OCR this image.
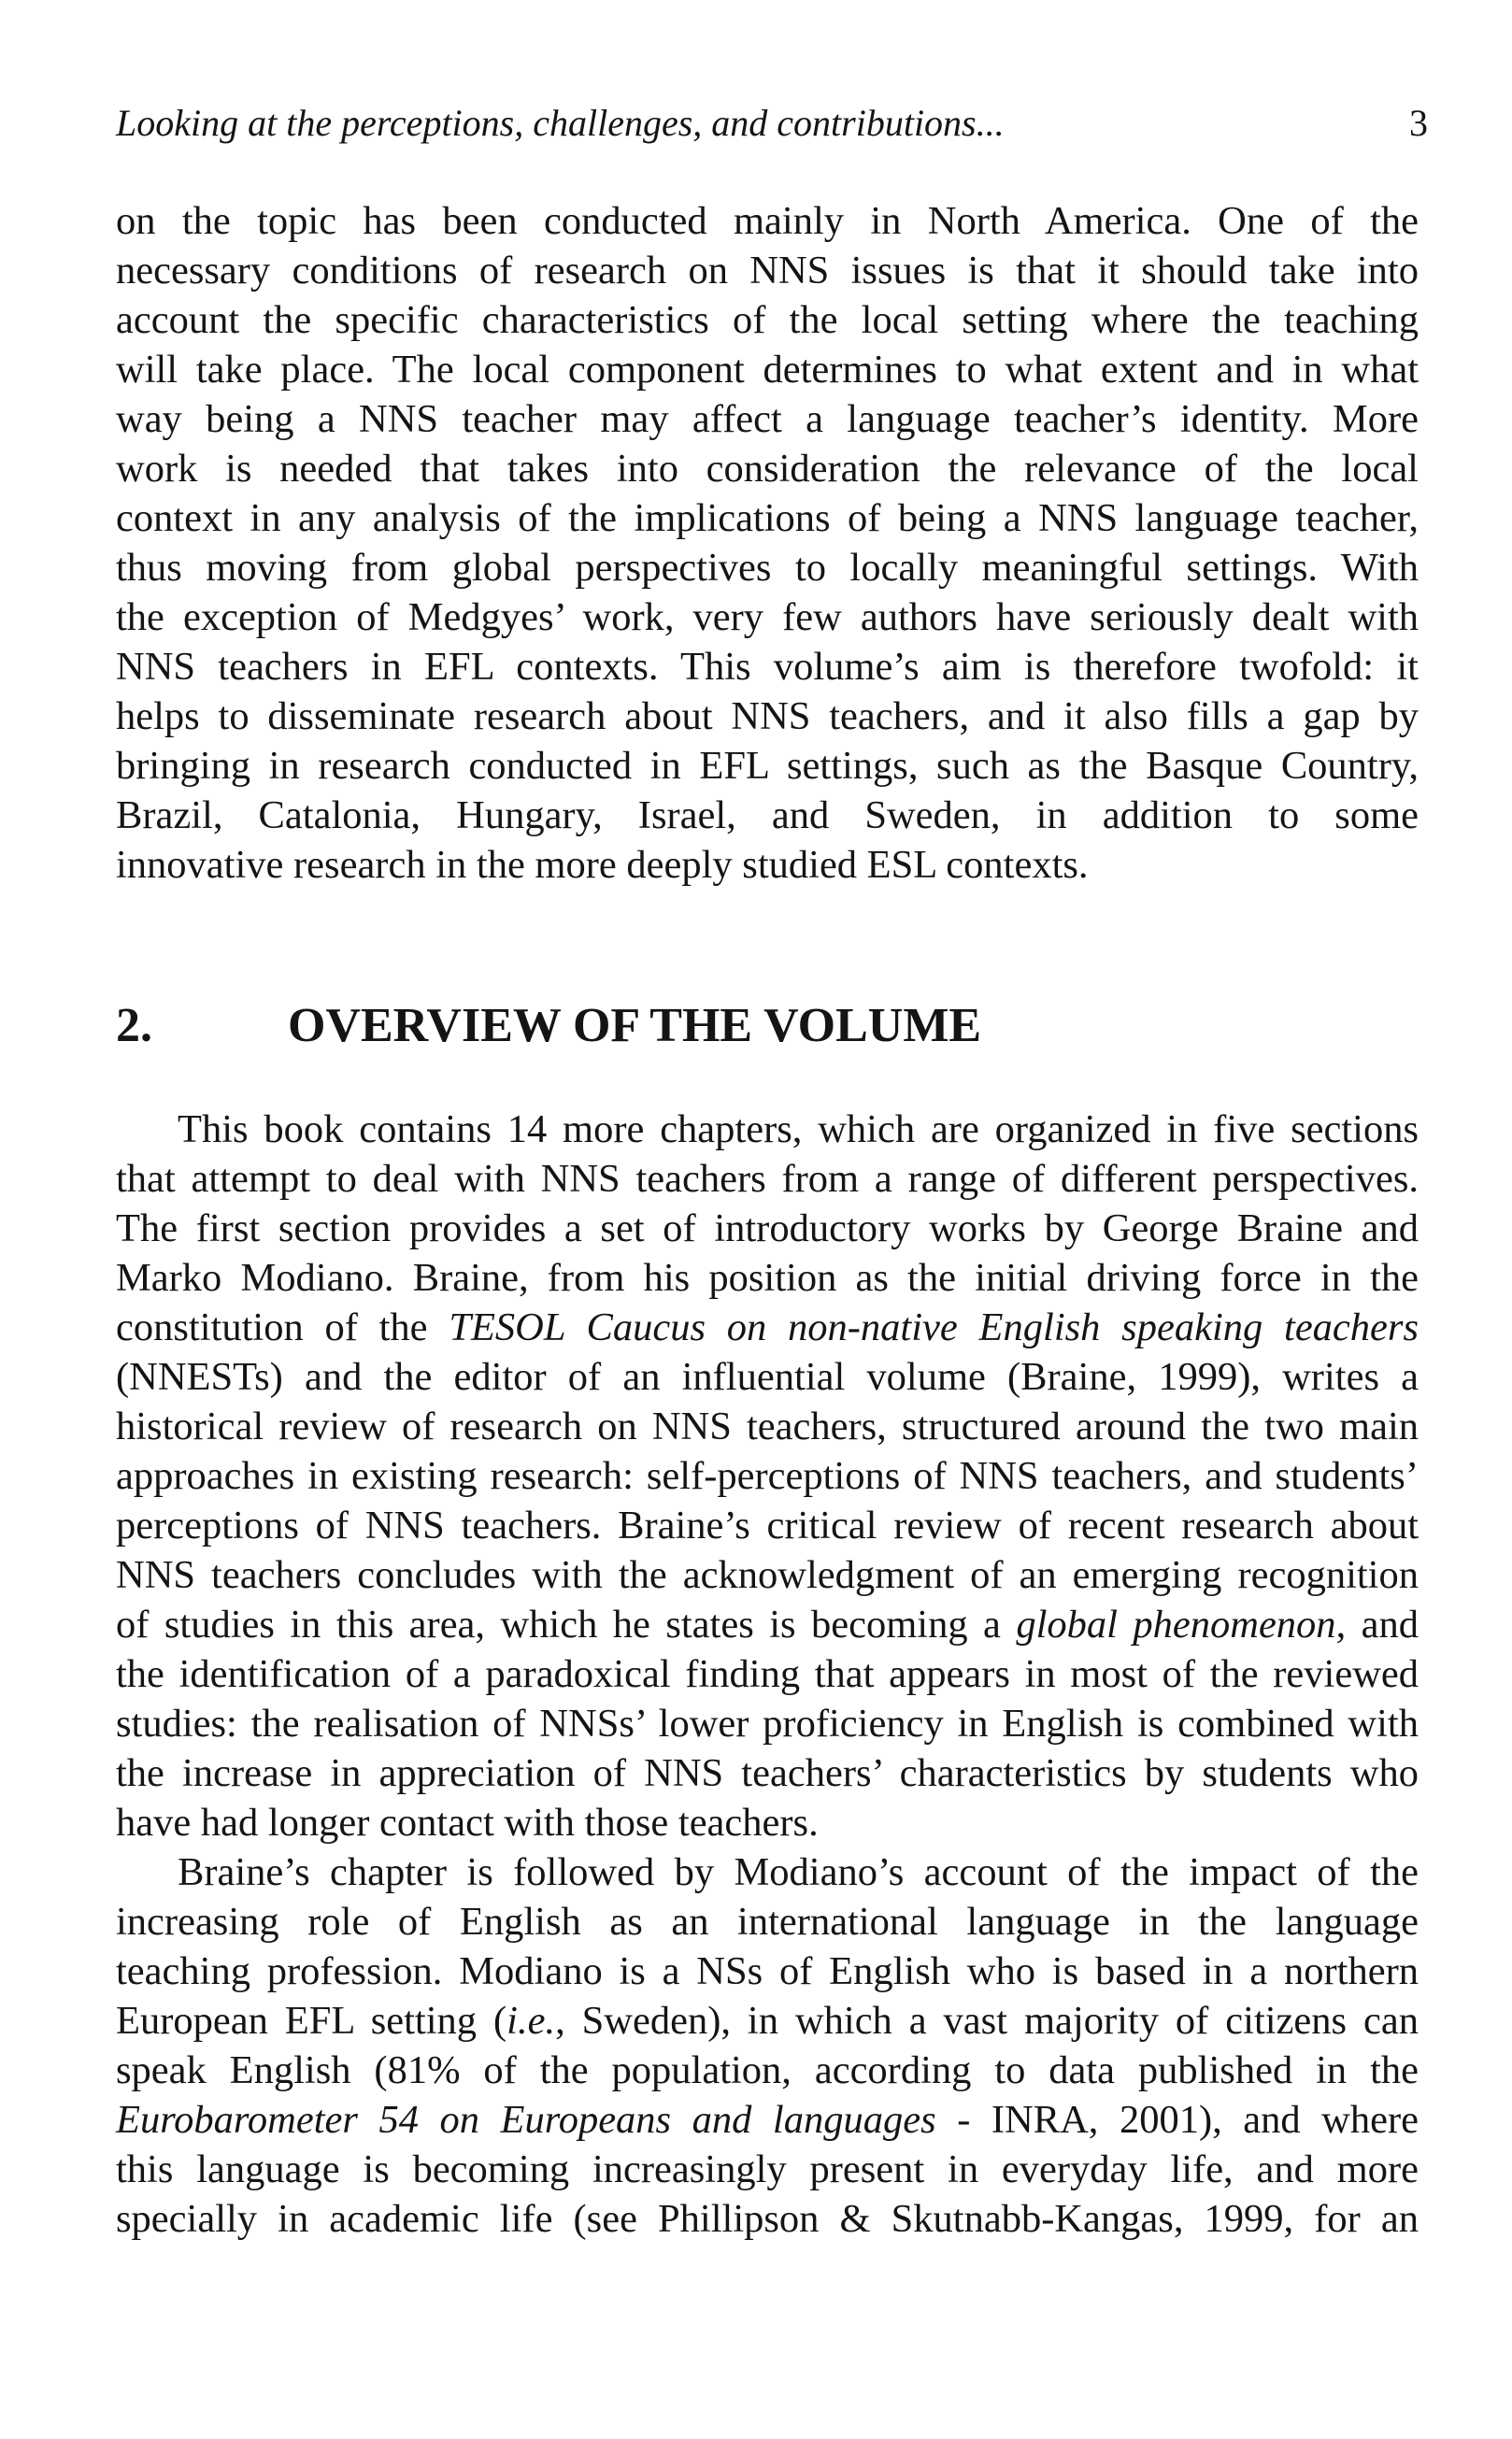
Looking at the perceptions, challenges, and contributions...	3
on the topic has been conducted mainly in North America. One of the
necessary conditions of research on NNS issues is that it should take into
account the specific characteristics of the local setting where the teaching
will take place. The local component determines to what extent and in what
way being a NNS teacher may affect a language teacher’s identity. More
work is needed that takes into consideration the relevance of the local
context in any analysis of the implications of being a NNS language teacher,
thus moving from global perspectives to locally meaningful settings. With
the exception of Medgyes’ work, very few authors have seriously dealt with
NNS teachers in EFL contexts. This volume’s aim is therefore twofold: it
helps to disseminate research about NNS teachers, and it also fills a gap by
bringing in research conducted in EFL settings, such as the Basque Country,
Brazil, Catalonia, Hungary, Israel, and Sweden, in addition to some
innovative research in the more deeply studied ESL contexts.
2.	OVERVIEW OF THE VOLUME
This book contains 14 more chapters, which are organized in five sections
that attempt to deal with NNS teachers from a range of different perspectives.
The first section provides a set of introductory works by George Braine and
Marko Modiano. Braine, from his position as the initial driving force in the
constitution of the TESOL Caucus on non-native English speaking teachers
(NNESTs) and the editor of an influential volume (Braine, 1999), writes a
historical review of research on NNS teachers, structured around the two main
approaches in existing research: self-perceptions of NNS teachers, and students’
perceptions of NNS teachers. Braine’s critical review of recent research about
NNS teachers concludes with the acknowledgment of an emerging recognition
of studies in this area, which he states is becoming a global phenomenon, and
the identification of a paradoxical finding that appears in most of the reviewed
studies: the realisation of NNSs’ lower proficiency in English is combined with
the increase in appreciation of NNS teachers’ characteristics by students who
have had longer contact with those teachers.
Braine’s chapter is followed by Modiano’s account of the impact of the
increasing role of English as an international language in the language
teaching profession. Modiano is a NSs of English who is based in a northern
European EFL setting (i.e., Sweden), in which a vast majority of citizens can
speak English (81% of the population, according to data published in the
Eurobarometer 54 on Europeans and languages - INRA, 2001), and where
this language is becoming increasingly present in everyday life, and more
specially in academic life (see Phillipson & Skutnabb-Kangas, 1999, for an
